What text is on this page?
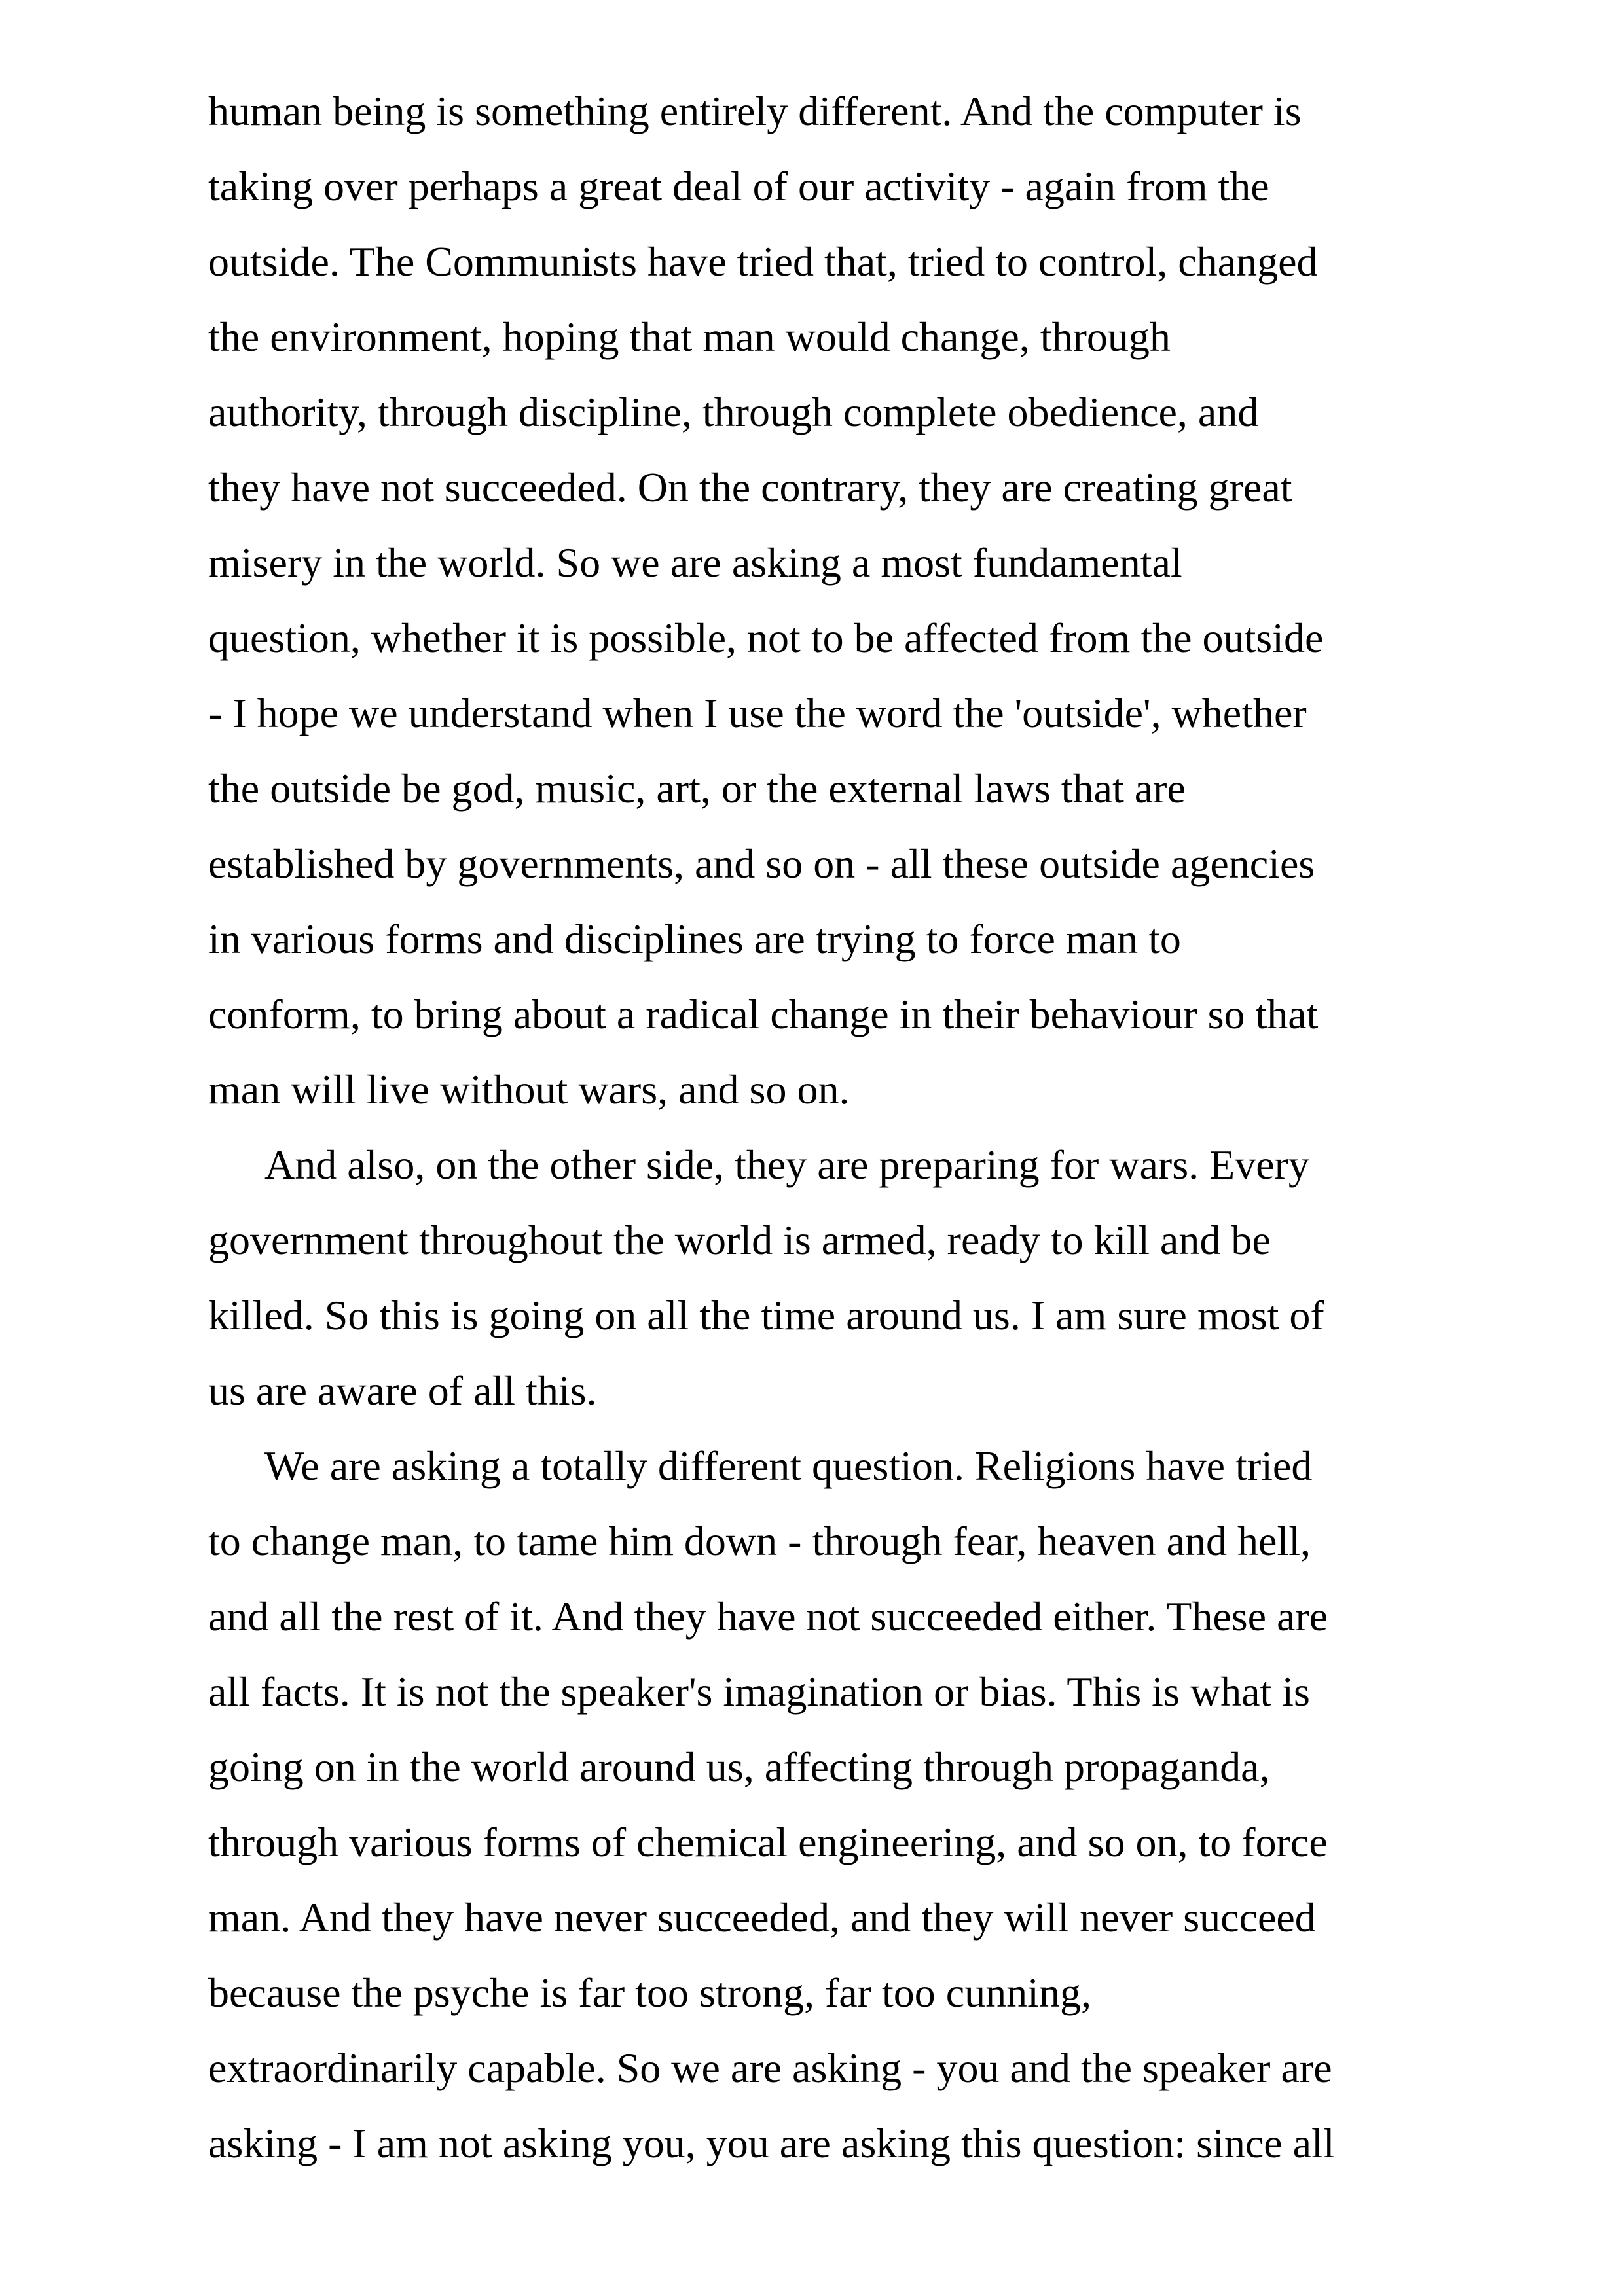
human being is something entirely different. And the computer is
taking over perhaps a great deal of our activity - again from the
outside. The Communists have tried that, tried to control, changed
the environment, hoping that man would change, through
authority, through discipline, through complete obedience, and
they have not succeeded. On the contrary, they are creating great
misery in the world. So we are asking a most fundamental
question, whether it is possible, not to be affected from the outside
- I hope we understand when I use the word the 'outside', whether
the outside be god, music, art, or the external laws that are
established by governments, and so on - all these outside agencies
in various forms and disciplines are trying to force man to
conform, to bring about a radical change in their behaviour so that
man will live without wars, and so on.
And also, on the other side, they are preparing for wars. Every
government throughout the world is armed, ready to kill and be
killed. So this is going on all the time around us. I am sure most of
us are aware of all this.
We are asking a totally different question. Religions have tried
to change man, to tame him down - through fear, heaven and hell,
and all the rest of it. And they have not succeeded either. These are
all facts. It is not the speaker's imagination or bias. This is what is
going on in the world around us, affecting through propaganda,
through various forms of chemical engineering, and so on, to force
man. And they have never succeeded, and they will never succeed
because the psyche is far too strong, far too cunning,
extraordinarily capable. So we are asking - you and the speaker are
asking - I am not asking you, you are asking this question: since all
